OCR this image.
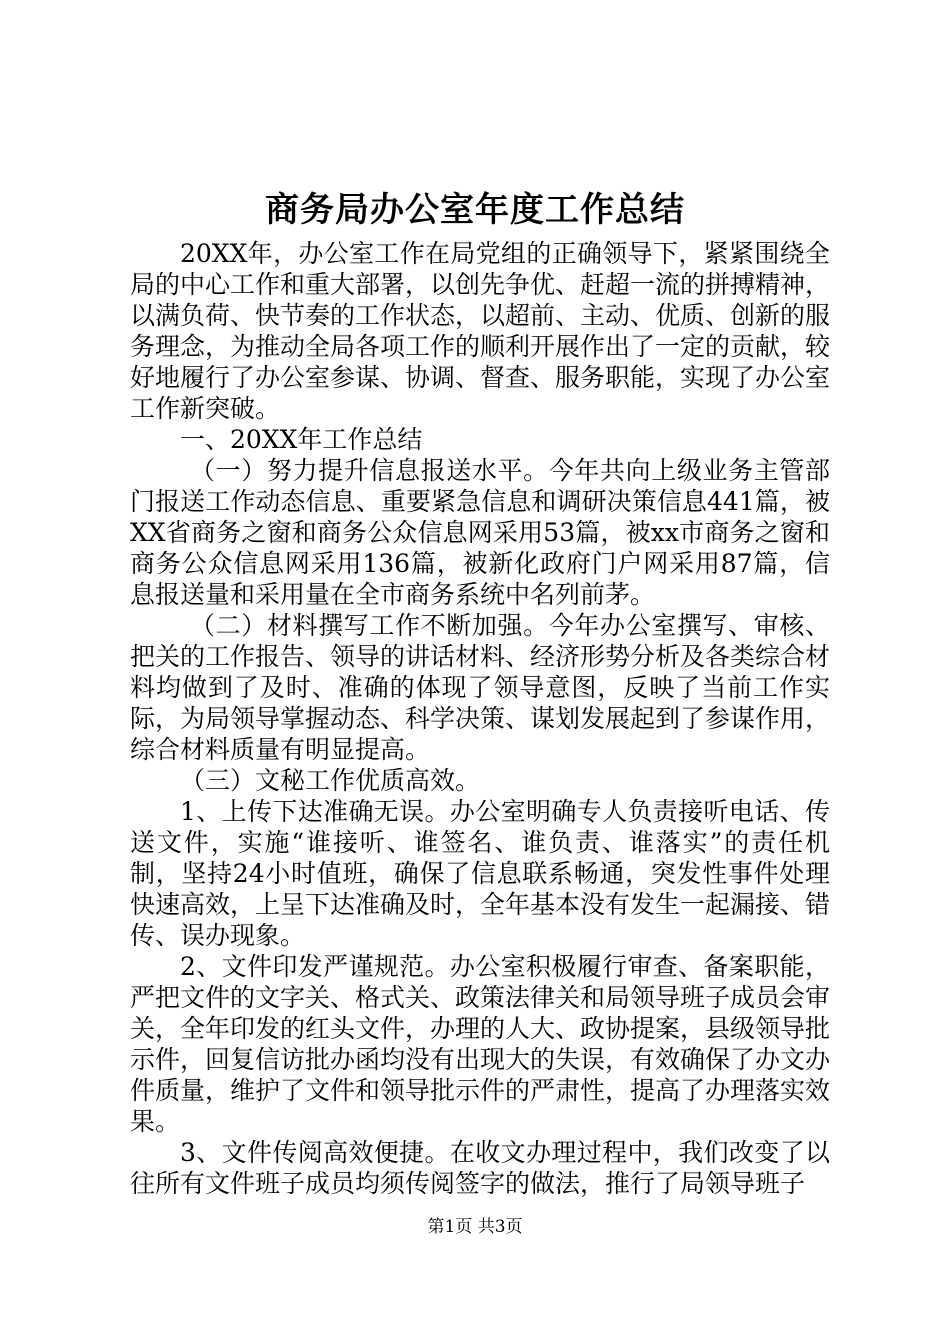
商务局办公室年度工作总结

20XX年，办公室工作在局党组的正确领导下，紧紧围绕全局的中心工作和重大部署，以创先争优、赶超一流的拼搏精神，以满负荷、快节奏的工作状态，以超前、主动、优质、创新的服务理念，为推动全局各项工作的顺利开展作出了一定的贡献，较好地履行了办公室参谋、协调、督查、服务职能，实现了办公室工作新突破。

一、20XX年工作总结

（一）努力提升信息报送水平。今年共向上级业务主管部门报送工作动态信息、重要紧急信息和调研决策信息441篇，被XX省商务之窗和商务公众信息网采用53篇，被xx市商务之窗和商务公众信息网采用136篇，被新化政府门户网采用87篇，信息报送量和采用量在全市商务系统中名列前茅。

（二）材料撰写工作不断加强。今年办公室撰写、审核、把关的工作报告、领导的讲话材料、经济形势分析及各类综合材料均做到了及时、准确的体现了领导意图，反映了当前工作实际，为局领导掌握动态、科学决策、谋划发展起到了参谋作用，综合材料质量有明显提高。

（三）文秘工作优质高效。

1、上传下达准确无误。办公室明确专人负责接听电话、传送文件，实施“谁接听、谁签名、谁负责、谁落实”的责任机制，坚持24小时值班，确保了信息联系畅通，突发性事件处理快速高效，上呈下达准确及时，全年基本没有发生一起漏接、错传、误办现象。

2、文件印发严谨规范。办公室积极履行审查、备案职能，严把文件的文字关、格式关、政策法律关和局领导班子成员会审关，全年印发的红头文件，办理的人大、政协提案，县级领导批示件，回复信访批办函均没有出现大的失误，有效确保了办文办件质量，维护了文件和领导批示件的严肃性，提高了办理落实效果。

3、文件传阅高效便捷。在收文办理过程中，我们改变了以往所有文件班子成员均须传阅签字的做法，推行了局领导班子

第1页 共3页
